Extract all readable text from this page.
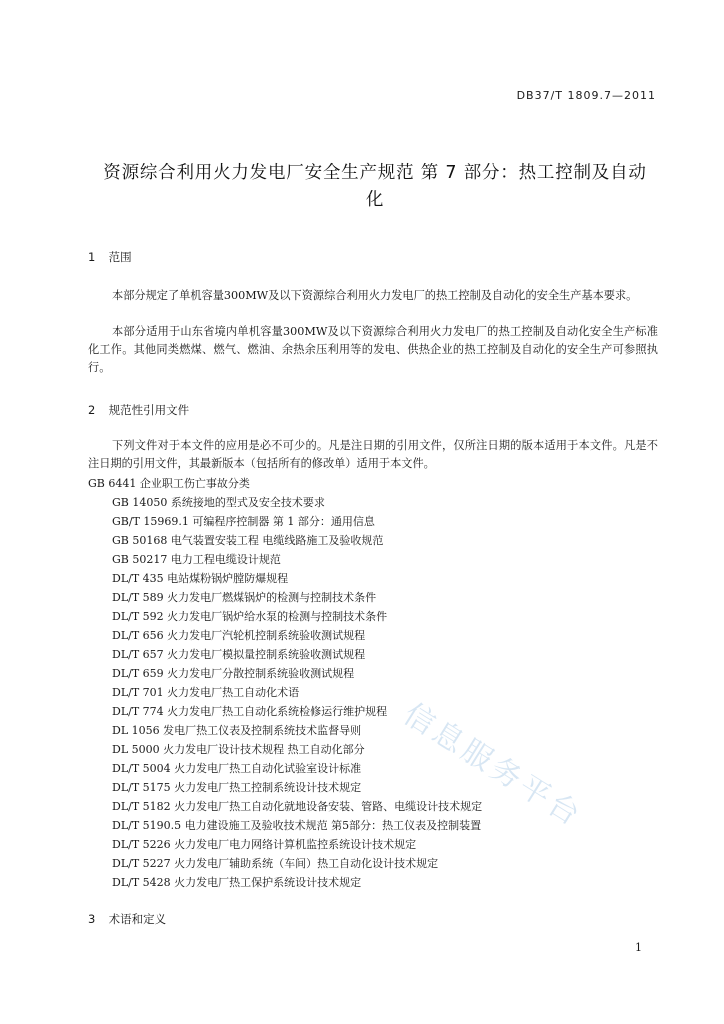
DB37/T 1809.7—2011
资源综合利用火力发电厂安全生产规范 第 7 部分：热工控制及自动
化
1 范围
本部分规定了单机容量300MW及以下资源综合利用火力发电厂的热工控制及自动化的安全生产基本要求。
本部分适用于山东省境内单机容量300MW及以下资源综合利用火力发电厂的热工控制及自动化安全生产标准化工作。其他同类燃煤、燃气、燃油、余热余压利用等的发电、供热企业的热工控制及自动化的安全生产可参照执行。
2 规范性引用文件
下列文件对于本文件的应用是必不可少的。凡是注日期的引用文件，仅所注日期的版本适用于本文件。凡是不注日期的引用文件，其最新版本（包括所有的修改单）适用于本文件。
GB 6441 企业职工伤亡事故分类
GB 14050 系统接地的型式及安全技术要求
GB/T 15969.1 可编程序控制器 第 1 部分：通用信息
GB 50168 电气装置安装工程 电缆线路施工及验收规范
GB 50217 电力工程电缆设计规范
DL/T 435 电站煤粉锅炉膛防爆规程
DL/T 589 火力发电厂燃煤锅炉的检测与控制技术条件
DL/T 592 火力发电厂锅炉给水泵的检测与控制技术条件
DL/T 656 火力发电厂汽轮机控制系统验收测试规程
DL/T 657 火力发电厂模拟量控制系统验收测试规程
DL/T 659 火力发电厂分散控制系统验收测试规程
DL/T 701 火力发电厂热工自动化术语
DL/T 774 火力发电厂热工自动化系统检修运行维护规程
DL 1056 发电厂热工仪表及控制系统技术监督导则
DL 5000 火力发电厂设计技术规程 热工自动化部分
DL/T 5004 火力发电厂热工自动化试验室设计标准
DL/T 5175 火力发电厂热工控制系统设计技术规定
DL/T 5182 火力发电厂热工自动化就地设备安装、管路、电缆设计技术规定
DL/T 5190.5 电力建设施工及验收技术规范 第5部分：热工仪表及控制装置
DL/T 5226 火力发电厂电力网络计算机监控系统设计技术规定
DL/T 5227 火力发电厂辅助系统（车间）热工自动化设计技术规定
DL/T 5428 火力发电厂热工保护系统设计技术规定
3 术语和定义
1
信息服务平台
